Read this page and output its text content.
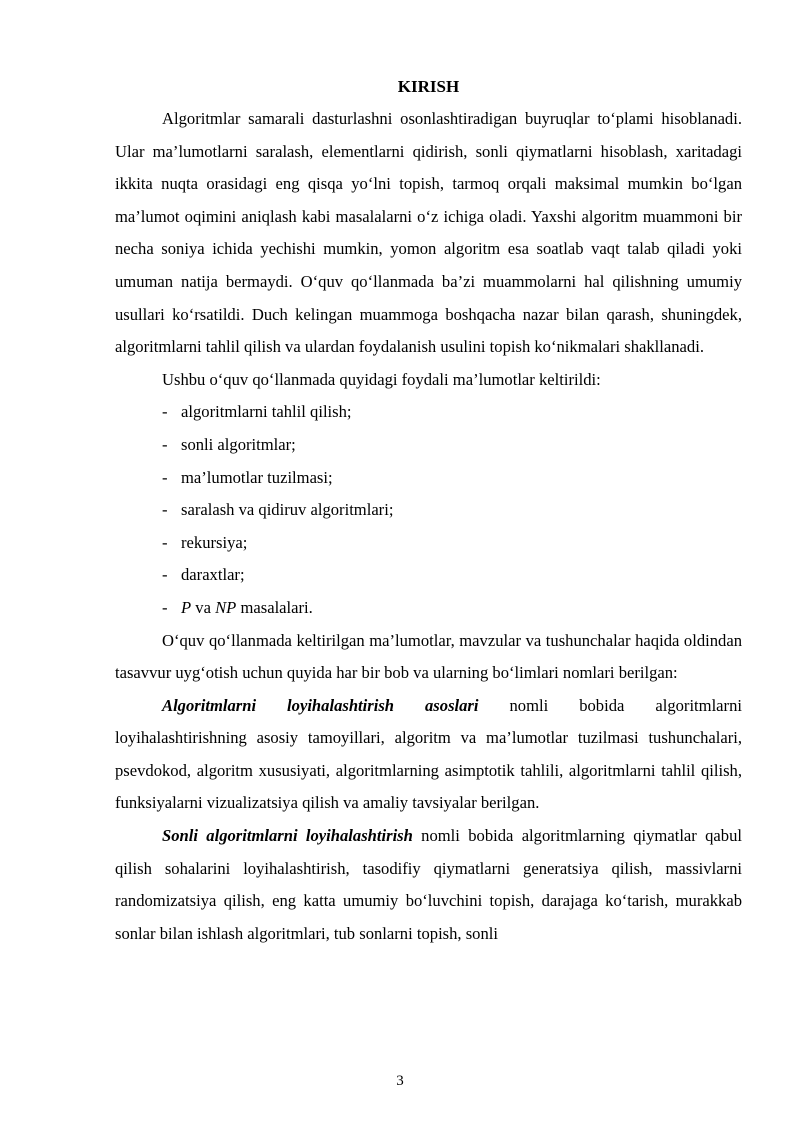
KIRISH

Algoritmlar samarali dasturlashni osonlashtiradigan buyruqlar to‘plami hisoblanadi. Ular ma’lumotlarni saralash, elementlarni qidirish, sonli qiymatlarni hisoblash, xaritadagi ikkita nuqta orasidagi eng qisqa yo‘lni topish, tarmoq orqali maksimal mumkin bo‘lgan ma’lumot oqimini aniqlash kabi masalalarni o‘z ichiga oladi. Yaxshi algoritm muammoni bir necha soniya ichida yechishi mumkin, yomon algoritm esa soatlab vaqt talab qiladi yoki umuman natija bermaydi. O‘quv qo‘llanmada ba’zi muammolarni hal qilishning umumiy usullari ko‘rsatildi. Duch kelingan muammoga boshqacha nazar bilan qarash, shuningdek, algoritmlarni tahlil qilish va ulardan foydalanish usulini topish ko‘nikmalari shakllanadi.

Ushbu o‘quv qo‘llanmada quyidagi foydali ma’lumotlar keltirildi:

- algoritmlarni tahlil qilish;
- sonli algoritmlar;
- ma’lumotlar tuzilmasi;
- saralash va qidiruv algoritmlari;
- rekursiya;
- daraxtlar;
- P va NP masalalari.

O‘quv qo‘llanmada keltirilgan ma’lumotlar, mavzular va tushunchalar haqida oldindan tasavvur uyg‘otish uchun quyida har bir bob va ularning bo‘limlari nomlari berilgan:

Algoritmlarni loyihalashtirish asoslari nomli bobida algoritmlarni loyihalashtirishning asosiy tamoyillari, algoritm va ma’lumotlar tuzilmasi tushunchalari, psevdokod, algoritm xususiyati, algoritmlarning asimptotik tahlili, algoritmlarni tahlil qilish, funksiyalarni vizualizatsiya qilish va amaliy tavsiyalar berilgan.

Sonli algoritmlarni loyihalashtirish nomli bobida algoritmlarning qiymatlar qabul qilish sohalarini loyihalashtirish, tasodifiy qiymatlarni generatsiya qilish, massivlarni randomizatsiya qilish, eng katta umumiy bo‘luvchini topish, darajaga ko‘tarish, murakkab sonlar bilan ishlash algoritmlari, tub sonlarni topish, sonli

3
